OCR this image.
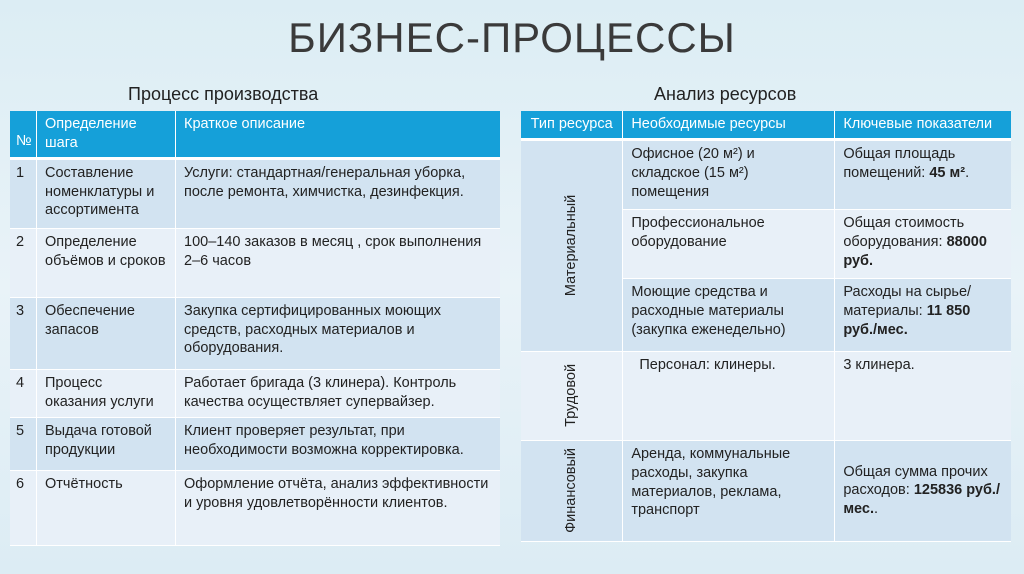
БИЗНЕС-ПРОЦЕССЫ
Процесс производства	Анализ ресурсов
№	Определение шага	Краткое описание
1	Составление номенклатуры и ассортимента	Услуги: стандартная/генеральная уборка, после ремонта, химчистка, дезинфекция.
2	Определение объёмов и сроков	100–140 заказов в месяц , срок выполнения 2–6 часов
3	Обеспечение запасов	Закупка сертифицированных моющих средств, расходных материалов и оборудования.
4	Процесс оказания услуги	Работает бригада (3 клинера). Контроль качества осуществляет супервайзер.
5	Выдача готовой продукции	Клиент проверяет результат, при необходимости возможна корректировка.
6	Отчётность	Оформление отчёта, анализ эффективности и уровня удовлетворённости клиентов.
Тип ресурса	Необходимые ресурсы	Ключевые показатели
Материальный	Офисное (20 м²) и складское (15 м²) помещения	Общая площадь помещений: 45 м².
	Профессиональное оборудование	Общая стоимость оборудования: 88000 руб.
	Моющие средства и расходные материалы (закупка еженедельно)	Расходы на сырье/материалы: 11 850 руб./мес.
Трудовой	Персонал: клинеры.	3 клинера.
Финансовый	Аренда, коммунальные расходы, закупка материалов, реклама, транспорт	Общая сумма прочих расходов: 125836 руб./мес..
